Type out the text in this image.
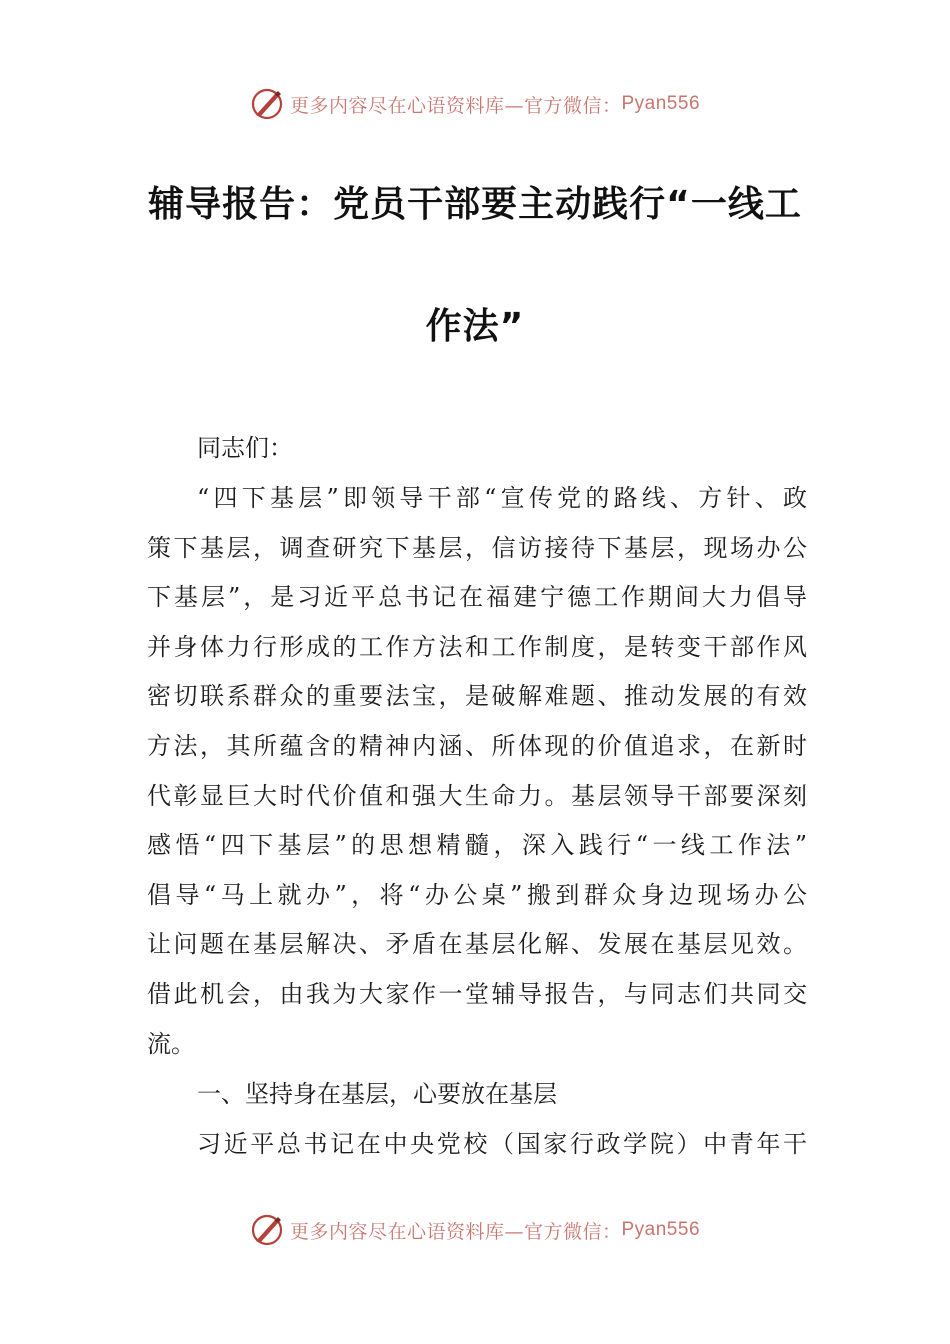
更多内容尽在心语资料库—官方微信： Pyan556
辅导报告：党员干部要主动践行“一线工
作法”
同志们：
“四下基层”即领导干部“宣传党的路线、方针、政
策下基层，调查研究下基层，信访接待下基层，现场办公
下基层”，是习近平总书记在福建宁德工作期间大力倡导
并身体力行形成的工作方法和工作制度，是转变干部作风
密切联系群众的重要法宝，是破解难题、推动发展的有效
方法，其所蕴含的精神内涵、所体现的价值追求，在新时
代彰显巨大时代价值和强大生命力。基层领导干部要深刻
感悟“四下基层”的思想精髓，深入践行“一线工作法”
倡导“马上就办”，将“办公桌”搬到群众身边现场办公
让问题在基层解决、矛盾在基层化解、发展在基层见效。
借此机会，由我为大家作一堂辅导报告，与同志们共同交
流。
一、坚持身在基层，心要放在基层
习近平总书记在中央党校（国家行政学院）中青年干
更多内容尽在心语资料库—官方微信： Pyan556
